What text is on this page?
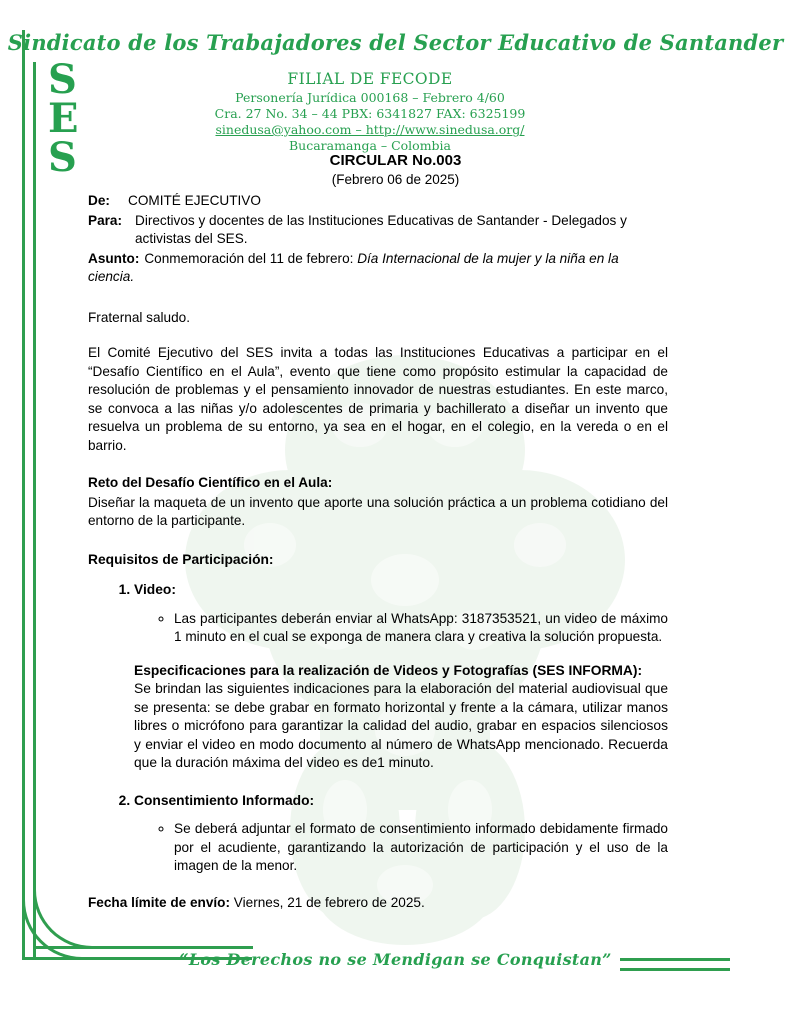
Sindicato de los Trabajadores del Sector Educativo de Santander
S
E
S
FILIAL DE FECODE
Personería Jurídica 000168 – Febrero 4/60
Cra. 27 No. 34 – 44 PBX: 6341827 FAX: 6325199
sinedusa@yahoo.com – http://www.sinedusa.org/
Bucaramanga – Colombia
CIRCULAR No.003
(Febrero 06 de 2025)
De:	COMITÉ EJECUTIVO
Para: Directivos y docentes de las Instituciones Educativas de Santander - Delegados y activistas del SES.
Asunto: Conmemoración del 11 de febrero: Día Internacional de la mujer y la niña en la ciencia.
Fraternal saludo.
El Comité Ejecutivo del SES invita a todas las Instituciones Educativas a participar en el “Desafío Científico en el Aula”, evento que tiene como propósito estimular la capacidad de resolución de problemas y el pensamiento innovador de nuestras estudiantes. En este marco, se convoca a las niñas y/o adolescentes de primaria y bachillerato a diseñar un invento que resuelva un problema de su entorno, ya sea en el hogar, en el colegio, en la vereda o en el barrio.
Reto del Desafío Científico en el Aula:
Diseñar la maqueta de un invento que aporte una solución práctica a un problema cotidiano del entorno de la participante.
Requisitos de Participación:
1. Video:
◦ Las participantes deberán enviar al WhatsApp: 3187353521, un video de máximo 1 minuto en el cual se exponga de manera clara y creativa la solución propuesta.
Especificaciones para la realización de Videos y Fotografías (SES INFORMA):
Se brindan las siguientes indicaciones para la elaboración del material audiovisual que se presenta: se debe grabar en formato horizontal y frente a la cámara, utilizar manos libres o micrófono para garantizar la calidad del audio, grabar en espacios silenciosos y enviar el video en modo documento al número de WhatsApp mencionado. Recuerda que la duración máxima del video es de1 minuto.
2. Consentimiento Informado:
◦ Se deberá adjuntar el formato de consentimiento informado debidamente firmado por el acudiente, garantizando la autorización de participación y el uso de la imagen de la menor.
Fecha límite de envío: Viernes, 21 de febrero de 2025.
“Los Derechos no se Mendigan se Conquistan”
